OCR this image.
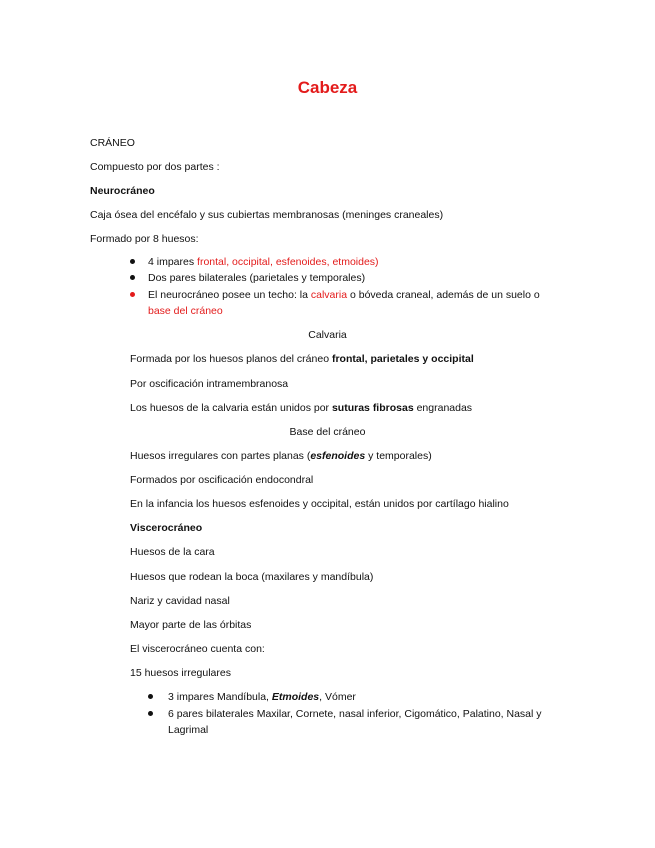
Cabeza

CRÁNEO

Compuesto por dos partes :

Neurocráneo

Caja ósea del encéfalo y sus cubiertas membranosas (meninges craneales)

Formado por 8 huesos:

4 impares frontal, occipital, esfenoides, etmoides)

Dos pares bilaterales (parietales y temporales)

El neurocráneo posee un techo: la calvaria o bóveda craneal, además de un suelo o

base del cráneo

Calvaria

Formada por los huesos planos del cráneo frontal, parietales y occipital

Por oscificación intramembranosa

Los huesos de la calvaria están unidos por suturas fibrosas engranadas

Base del cráneo

Huesos irregulares con partes planas (esfenoides y temporales)

Formados por oscificación endocondral

En la infancia los huesos esfenoides y occipital, están unidos por cartílago hialino

Viscerocráneo

Huesos de la cara

Huesos que rodean la boca (maxilares y mandíbula)

Nariz y cavidad nasal

Mayor parte de las órbitas

El viscerocráneo cuenta con:

15 huesos irregulares

3 impares Mandíbula, Etmoides, Vómer

6 pares bilaterales Maxilar, Cornete, nasal inferior, Cigomático, Palatino, Nasal y

Lagrimal
